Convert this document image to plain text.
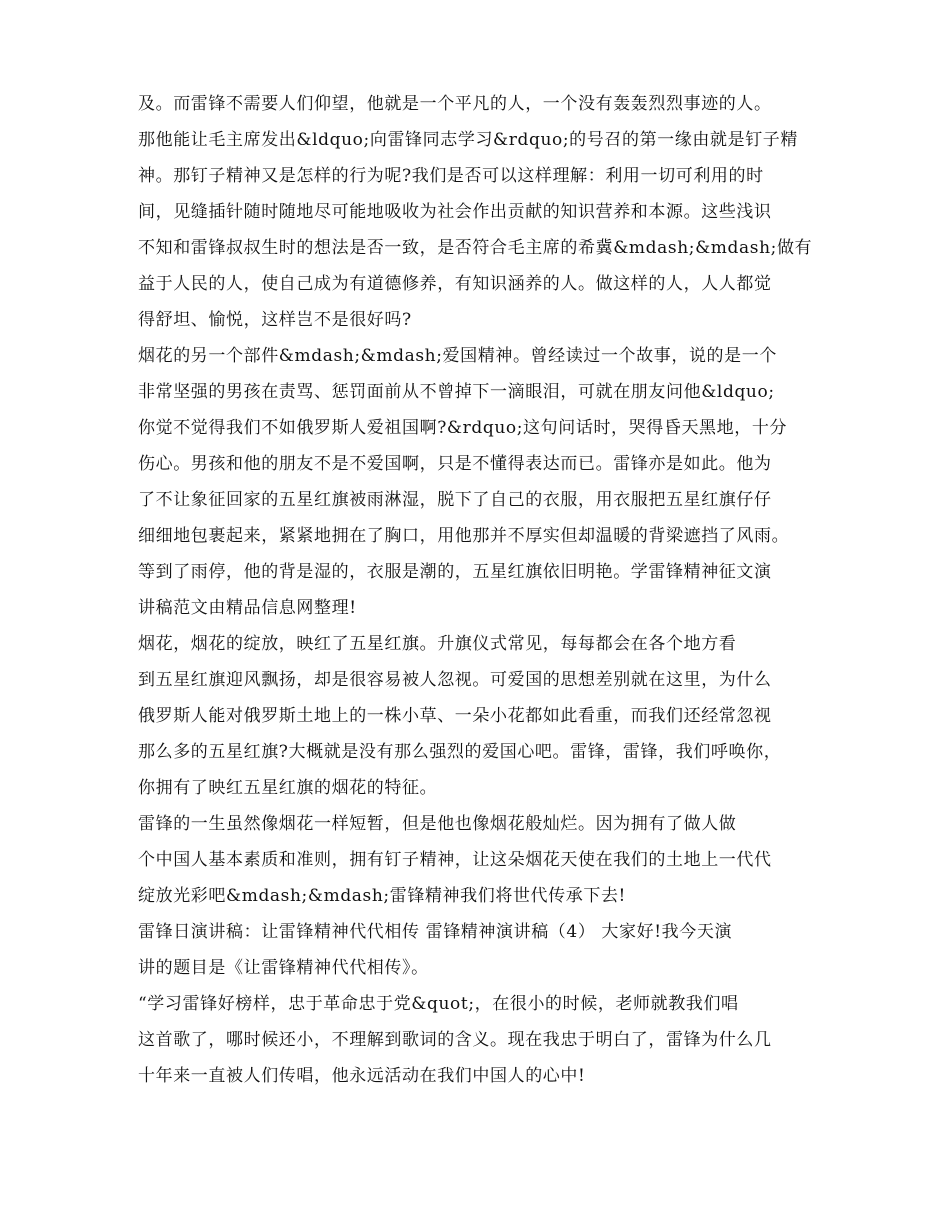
及。而雷锋不需要人们仰望，他就是一个平凡的人，一个没有轰轰烈烈事迹的人。
那他能让毛主席发出&ldquo;向雷锋同志学习&rdquo;的号召的第一缘由就是钉子精
神。那钉子精神又是怎样的行为呢?我们是否可以这样理解：利用一切可利用的时
间，见缝插针随时随地尽可能地吸收为社会作出贡献的知识营养和本源。这些浅识
不知和雷锋叔叔生时的想法是否一致，是否符合毛主席的希冀&mdash;&mdash;做有
益于人民的人，使自己成为有道德修养，有知识涵养的人。做这样的人，人人都觉
得舒坦、愉悦，这样岂不是很好吗?
烟花的另一个部件&mdash;&mdash;爱国精神。曾经读过一个故事，说的是一个
非常坚强的男孩在责骂、惩罚面前从不曾掉下一滴眼泪，可就在朋友问他&ldquo;
你觉不觉得我们不如俄罗斯人爱祖国啊?&rdquo;这句问话时，哭得昏天黑地，十分
伤心。男孩和他的朋友不是不爱国啊，只是不懂得表达而已。雷锋亦是如此。他为
了不让象征回家的五星红旗被雨淋湿，脱下了自己的衣服，用衣服把五星红旗仔仔
细细地包裹起来，紧紧地拥在了胸口，用他那并不厚实但却温暖的背梁遮挡了风雨。
等到了雨停，他的背是湿的，衣服是潮的，五星红旗依旧明艳。学雷锋精神征文演
讲稿范文由精品信息网整理!
烟花，烟花的绽放，映红了五星红旗。升旗仪式常见，每每都会在各个地方看
到五星红旗迎风飘扬，却是很容易被人忽视。可爱国的思想差别就在这里，为什么
俄罗斯人能对俄罗斯土地上的一株小草、一朵小花都如此看重，而我们还经常忽视
那么多的五星红旗?大概就是没有那么强烈的爱国心吧。雷锋，雷锋，我们呼唤你，
你拥有了映红五星红旗的烟花的特征。
雷锋的一生虽然像烟花一样短暂，但是他也像烟花般灿烂。因为拥有了做人做
个中国人基本素质和准则，拥有钉子精神，让这朵烟花天使在我们的土地上一代代
绽放光彩吧&mdash;&mdash;雷锋精神我们将世代传承下去!
雷锋日演讲稿：让雷锋精神代代相传 雷锋精神演讲稿（4） 大家好!我今天演
讲的题目是《让雷锋精神代代相传》。
“学习雷锋好榜样，忠于革命忠于党&quot;，在很小的时候，老师就教我们唱
这首歌了，哪时候还小，不理解到歌词的含义。现在我忠于明白了，雷锋为什么几
十年来一直被人们传唱，他永远活动在我们中国人的心中!
